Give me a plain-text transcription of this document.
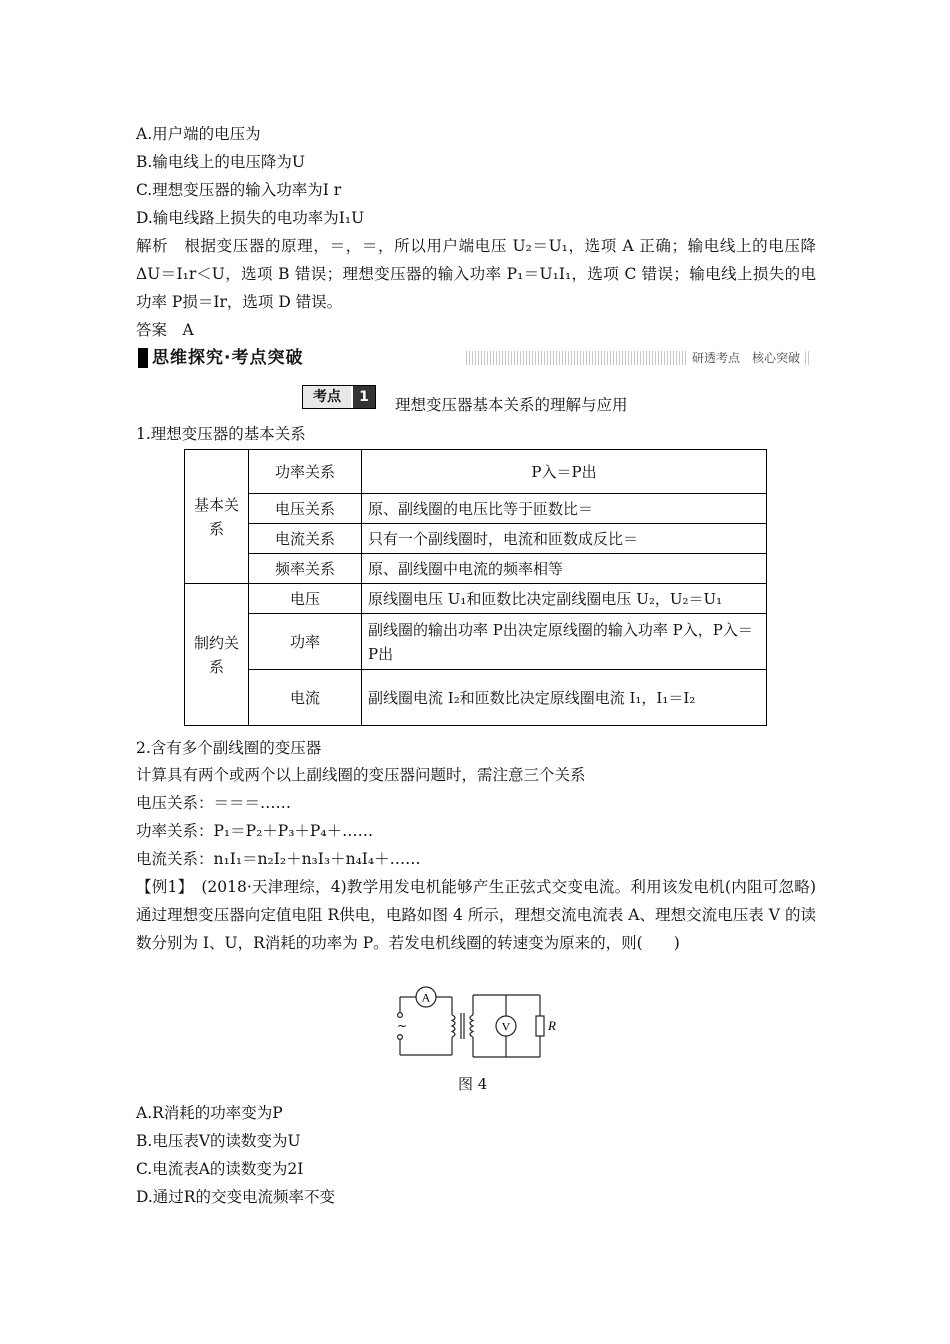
A.用户端的电压为
B.输电线上的电压降为U
C.理想变压器的输入功率为I r
D.输电线路上损失的电功率为I₁U
解析　根据变压器的原理，＝，＝，所以用户端电压 U₂＝U₁，选项 A 正确；输电线上的电压降 ΔU＝I₁r＜U，选项 B 错误；理想变压器的输入功率 P₁＝U₁I₁，选项 C 错误；输电线上损失的电功率 P损＝Ir，选项 D 错误。
答案　A
思维探究·考点突破	研透考点　核心突破
考点	1	理想变压器基本关系的理解与应用
1.理想变压器的基本关系
基本关系	功率关系	P入＝P出
	电压关系	原、副线圈的电压比等于匝数比＝
	电流关系	只有一个副线圈时，电流和匝数成反比＝
	频率关系	原、副线圈中电流的频率相等
制约关系	电压	原线圈电压 U₁和匝数比决定副线圈电压 U₂，U₂＝U₁
	功率	副线圈的输出功率 P出决定原线圈的输入功率 P入，P入＝P出
	电流	副线圈电流 I₂和匝数比决定原线圈电流 I₁，I₁＝I₂
2.含有多个副线圈的变压器
计算具有两个或两个以上副线圈的变压器问题时，需注意三个关系
电压关系：＝＝＝……
功率关系：P₁＝P₂＋P₃＋P₄＋……
电流关系：n₁I₁＝n₂I₂＋n₃I₃＋n₄I₄＋……
【例1】　(2018·天津理综，4)教学用发电机能够产生正弦式交变电流。利用该发电机(内阻可忽略)通过理想变压器向定值电阻 R供电，电路如图 4 所示，理想交流电流表 A、理想交流电压表 V 的读数分别为 I、U，R消耗的功率为 P。若发电机线圈的转速变为原来的，则(　　)
A
V
~	R
图 4
A.R消耗的功率变为P
B.电压表V的读数变为U
C.电流表A的读数变为2I
D.通过R的交变电流频率不变
